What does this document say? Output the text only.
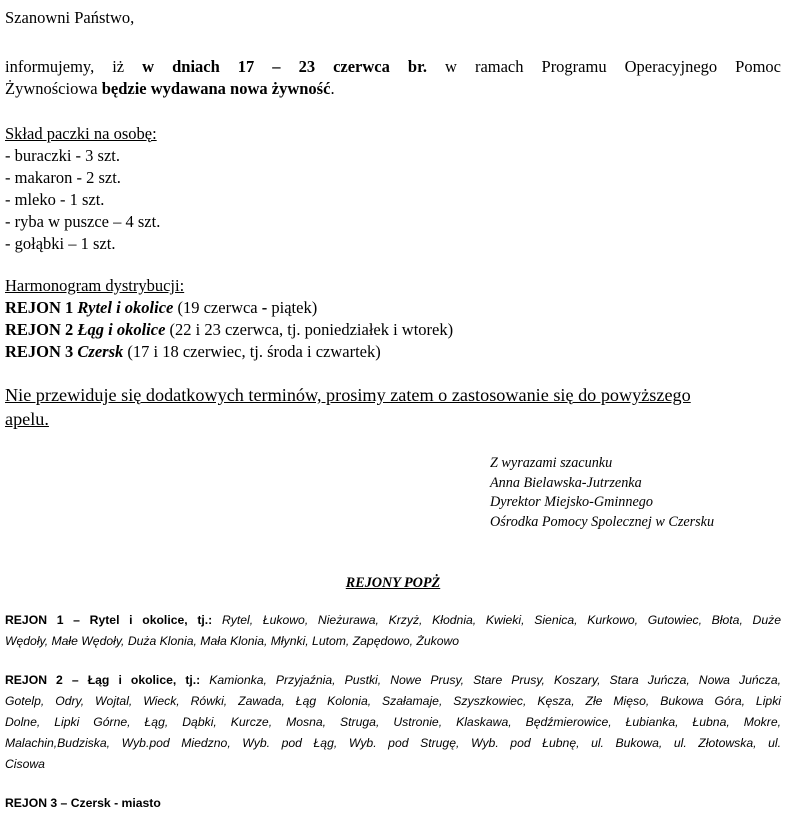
Szanowni Państwo,

informujemy, iż w dniach 17 – 23 czerwca br. w ramach Programu Operacyjnego Pomoc
Żywnościowa będzie wydawana nowa żywność.
Skład paczki na osobę:
- buraczki - 3 szt.
- makaron - 2 szt.
- mleko - 1 szt.
- ryba w puszce – 4 szt.
- gołąbki – 1 szt.
Harmonogram dystrybucji:
REJON 1 Rytel i okolice (19 czerwca - piątek)
REJON 2 Łąg i okolice (22 i 23 czerwca, tj. poniedziałek i wtorek)
REJON 3 Czersk (17 i 18 czerwiec, tj. środa i czwartek)
Nie przewiduje się dodatkowych terminów, prosimy zatem o zastosowanie się do powyższego
apelu.
Z wyrazami szacunku
Anna Bielawska-Jutrzenka
Dyrektor Miejsko-Gminnego
Ośrodka Pomocy Spolecznej w Czersku
REJONY POPŻ
REJON 1 – Rytel i okolice, tj.: Rytel, Łukowo, Nieżurawa, Krzyż, Kłodnia, Kwieki, Sienica, Kurkowo, Gutowiec, Błota, Duże
Wędoły, Małe Wędoły, Duża Klonia, Mała Klonia, Młynki, Lutom, Zapędowo, Żukowo
REJON 2 – Łąg i okolice, tj.: Kamionka, Przyjaźnia, Pustki, Nowe Prusy, Stare Prusy, Koszary, Stara Juńcza, Nowa Juńcza,
Gotelp, Odry, Wojtal, Wieck, Rówki, Zawada, Łąg Kolonia, Szałamaje, Szyszkowiec, Kęsza, Złe Mięso, Bukowa Góra, Lipki
Dolne, Lipki Górne, Łąg, Dąbki, Kurcze, Mosna, Struga, Ustronie, Klaskawa, Będźmierowice, Łubianka, Łubna, Mokre,
Malachin,Budziska, Wyb.pod Miedzno, Wyb. pod Łąg, Wyb. pod Strugę, Wyb. pod Łubnę, ul. Bukowa, ul. Złotowska, ul.
Cisowa
REJON 3 – Czersk - miasto
